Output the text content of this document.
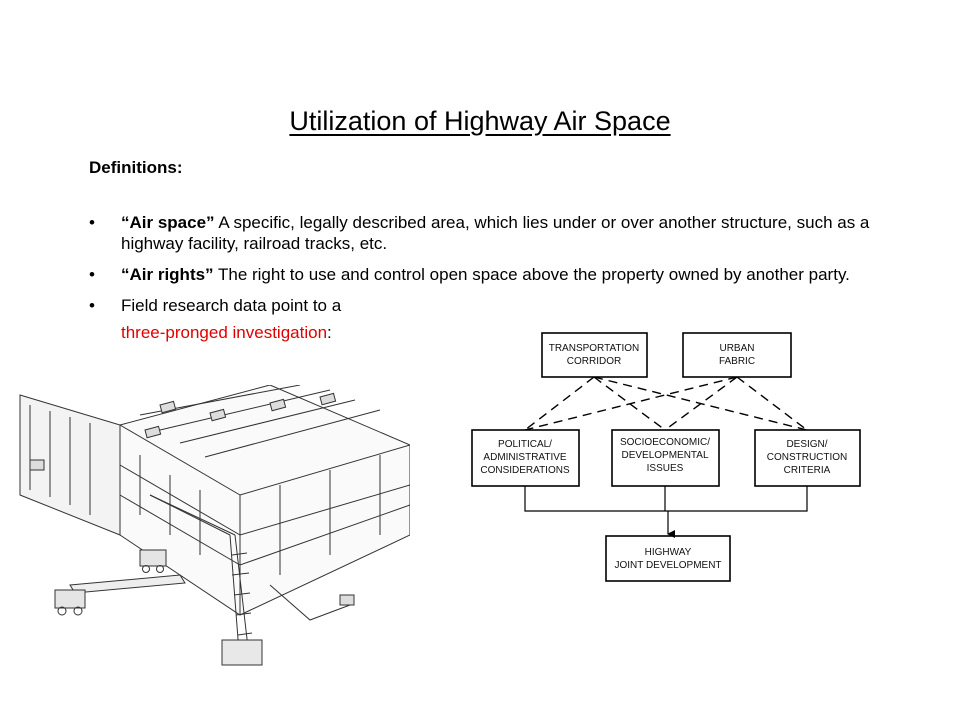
Utilization of Highway Air Space

Definitions:

• “Air space” A specific, legally described area, which lies under or over another structure, such as a highway facility, railroad tracks, etc.
• “Air rights” The right to use and control open space above the property owned by another party.
• Field research data point to a
three-pronged investigation:
TRANSPORTATION
CORRIDOR
URBAN
FABRIC
POLITICAL/
ADMINISTRATIVE
CONSIDERATIONS
SOCIOECONOMIC/
DEVELOPMENTAL
ISSUES
DESIGN/
CONSTRUCTION
CRITERIA
HIGHWAY
JOINT DEVELOPMENT
